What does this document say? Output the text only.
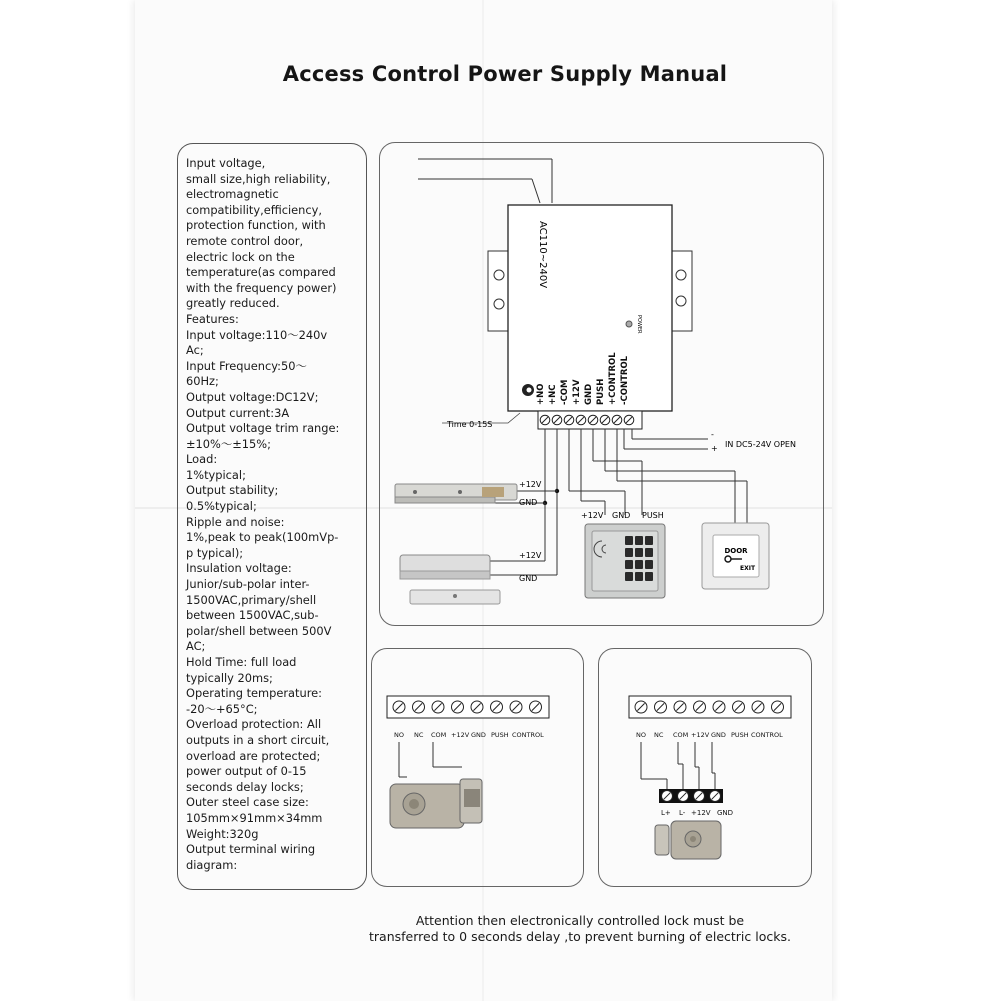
Access Control Power Supply Manual
Input voltage,
small size,high reliability,
electromagnetic
compatibility,efficiency,
protection function, with
remote control door,
electric lock on the
temperature(as compared
with the frequency power)
greatly reduced.
Features:
Input voltage:110～240v
Ac;
Input Frequency:50～
60Hz;
Output voltage:DC12V;
Output current:3A
Output voltage trim range:
±10%～±15%;
Load:
1%typical;
Output stability;
0.5%typical;
Ripple and noise:
1%,peak to peak(100mVp-
p typical);
Insulation voltage:
Junior/sub-polar inter-
1500VAC,primary/shell
between 1500VAC,sub-
polar/shell between 500V
AC;
Hold Time: full load
typically 20ms;
Operating temperature:
-20～+65°C;
Overload protection: All
outputs in a short circuit,
overload are protected;
power output of 0-15
seconds delay locks;
Outer steel case size:
105mm×91mm×34mm
Weight:320g
Output terminal wiring
diagram:
AC110~240V
POWER
+NO +NC -COM +12V GND PUSH +CONTROL -CONTROL
Time 0-15S
-
+ IN DC5-24V OPEN
+12V
GND
+12V
GND
+12V GND PUSH
DOOR
EXIT
NO NC COM +12V GND PUSH CONTROL	NO NC COM +12V GND PUSH CONTROL
L+ L- +12V GND
Attention then electronically controlled lock must be
transferred to 0 seconds delay ,to prevent burning of electric locks.
